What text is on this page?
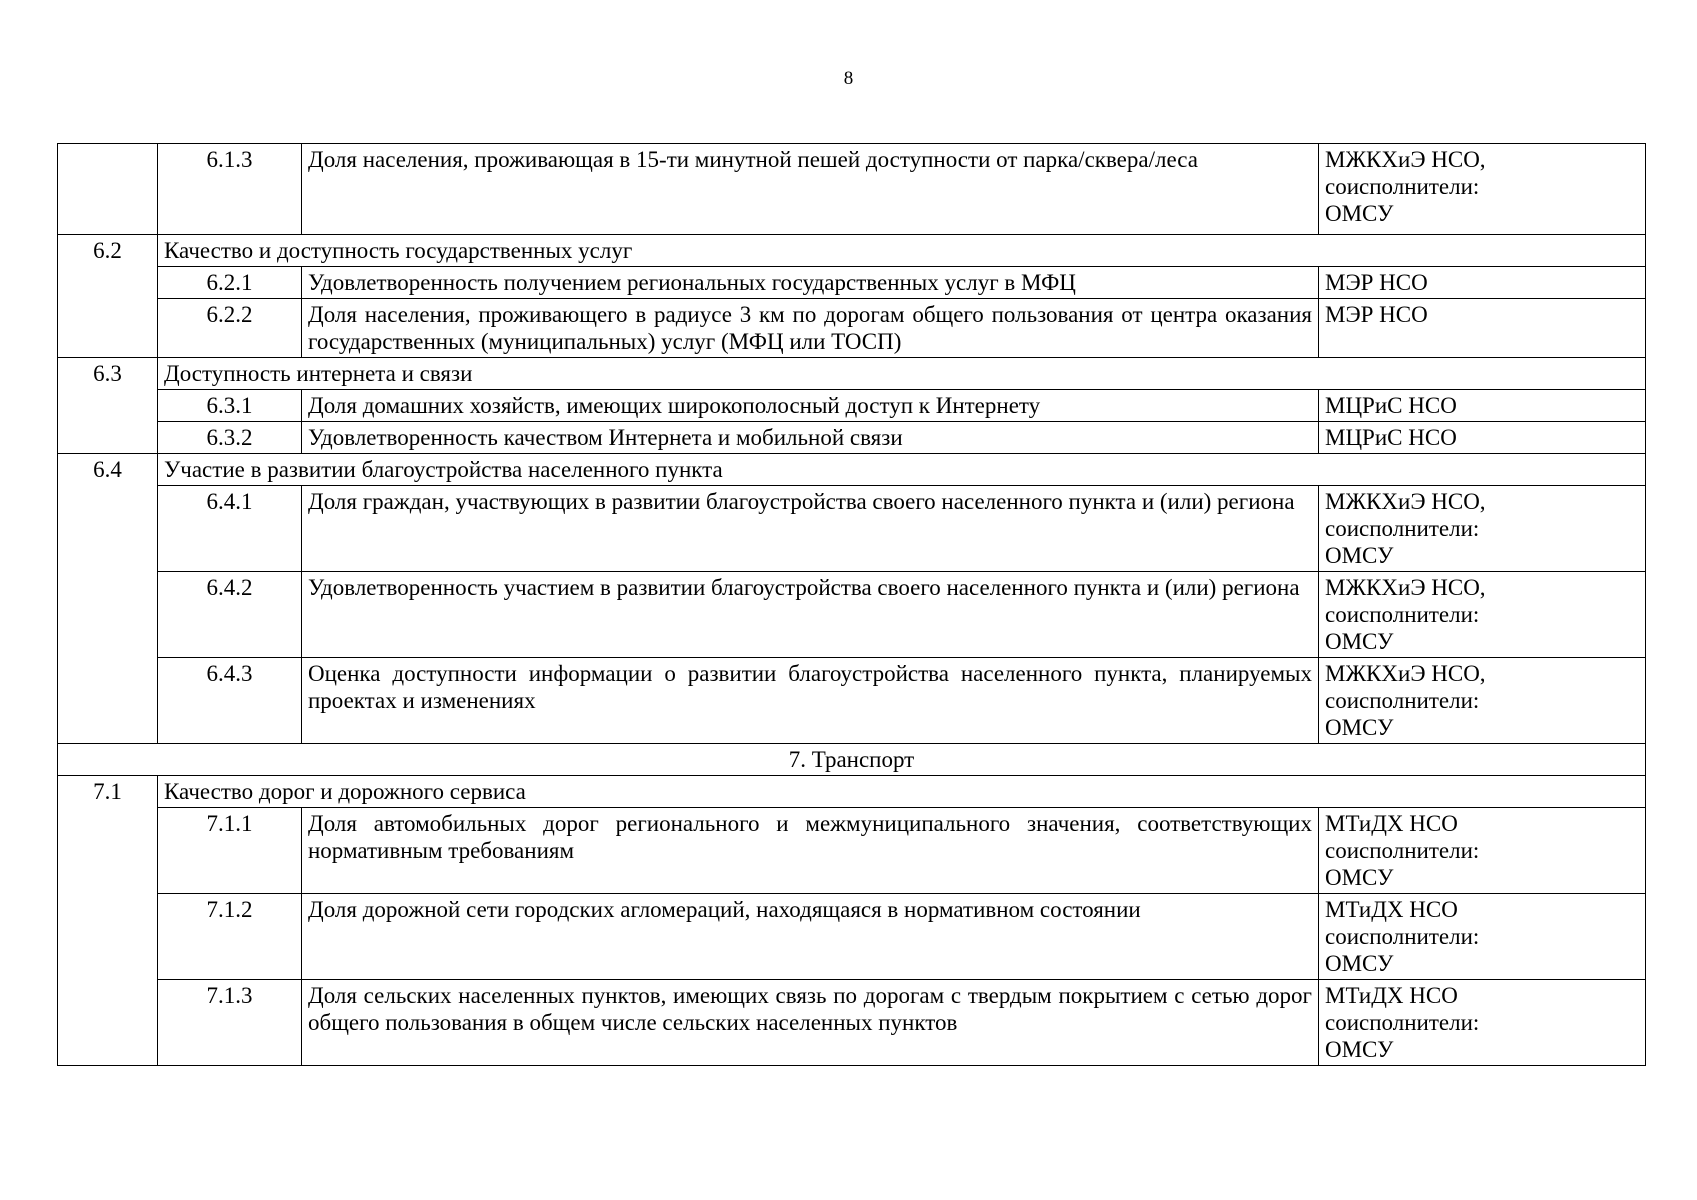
8
	6.1.3	Доля населения, проживающая в 15-ти минутной пешей доступности от парка/сквера/леса	МЖКХиЭ НСО,
соисполнители:
ОМСУ

6.2	Качество и доступность государственных услуг		
	6.2.1	Удовлетворенность получением региональных государственных услуг в МФЦ	МЭР НСО

	6.2.2	Доля населения, проживающего в радиусе 3 км по дорогам общего пользования от центра оказания государственных (муниципальных) услуг (МФЦ или ТОСП)	МЭР НСО

6.3	Доступность интернета и связи		
	6.3.1	Доля домашних хозяйств, имеющих широкополосный доступ к Интернету	МЦРиС НСО

	6.3.2	Удовлетворенность качеством Интернета и мобильной связи	МЦРиС НСО

6.4	Участие в развитии благоустройства населенного пункта		
	6.4.1	Доля граждан, участвующих в развитии благоустройства своего населенного пункта и (или) региона	МЖКХиЭ НСО,
соисполнители:
ОМСУ

	6.4.2	Удовлетворенность участием в развитии благоустройства своего населенного пункта и (или) региона	МЖКХиЭ НСО,
соисполнители:
ОМСУ

	6.4.3	Оценка доступности информации о развитии благоустройства населенного пункта, планируемых проектах и изменениях	МЖКХиЭ НСО,
соисполнители:
ОМСУ

7. Транспорт			
7.1	Качество дорог и дорожного сервиса		
	7.1.1	Доля автомобильных дорог регионального и межмуниципального значения, соответствующих нормативным требованиям	МТиДХ НСО
соисполнители:
ОМСУ

	7.1.2	Доля дорожной сети городских агломераций, находящаяся в нормативном состоянии	МТиДХ НСО
соисполнители:
ОМСУ

	7.1.3	Доля сельских населенных пунктов, имеющих связь по дорогам с твердым покрытием с сетью дорог общего пользования в общем числе сельских населенных пунктов	МТиДХ НСО
соисполнители:
ОМСУ
